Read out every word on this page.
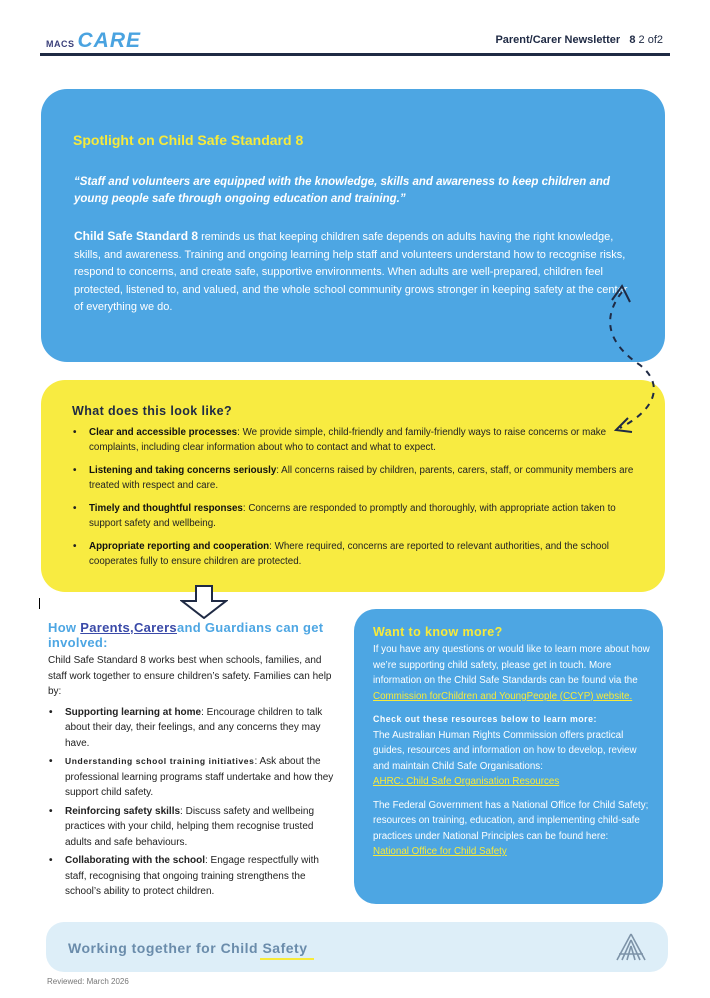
MACS CARE	Parent/Carer Newsletter 8 2 of2
Spotlight on Child Safe Standard 8
“Staff and volunteers are equipped with the knowledge, skills and awareness to keep children and young people safe through ongoing education and training.”
Child Safe Standard 8 reminds us that keeping children safe depends on adults having the right knowledge, skills, and awareness. Training and ongoing learning help staff and volunteers understand how to recognise risks, respond to concerns, and create safe, supportive environments. When adults are well-prepared, children feel protected, listened to, and valued, and the whole school community grows stronger in keeping safety at the center of everything we do.
What does this look like?
• Clear and accessible processes: We provide simple, child-friendly and family-friendly ways to raise concerns or make complaints, including clear information about who to contact and what to expect.
• Listening and taking concerns seriously: All concerns raised by children, parents, carers, staff, or community members are treated with respect and care.
• Timely and thoughtful responses: Concerns are responded to promptly and thoroughly, with appropriate action taken to support safety and wellbeing.
• Appropriate reporting and cooperation: Where required, concerns are reported to relevant authorities, and the school cooperates fully to ensure children are protected.
How Parents,Carersand Guardians can get involved:
Child Safe Standard 8 works best when schools, families, and staff work together to ensure children’s safety. Families can help by:
• Supporting learning at home: Encourage children to talk about their day, their feelings, and any concerns they may have.
• Understanding school training initiatives: Ask about the professional learning programs staff undertake and how they support child safety.
• Reinforcing safety skills: Discuss safety and wellbeing practices with your child, helping them recognise trusted adults and safe behaviours.
• Collaborating with the school: Engage respectfully with staff, recognising that ongoing training strengthens the school’s ability to protect children.
Want to know more?

If you have any questions or would like to learn more about how we’re supporting child safety, please get in touch. More information on the Child Safe Standards can be found via the Commission forChildren and YoungPeople (CCYP) website.

Check out these resources below to learn more:
The Australian Human Rights Commission offers practical guides, resources and information on how to develop, review and maintain Child Safe Organisations:
AHRC: Child Safe Organisation Resources

The Federal Government has a National Office for Child Safety; resources on training, education, and implementing child-safe practices under National Principles can be found here:
National Office for Child Safety

Working together for Child Safety
Reviewed: March 2026
